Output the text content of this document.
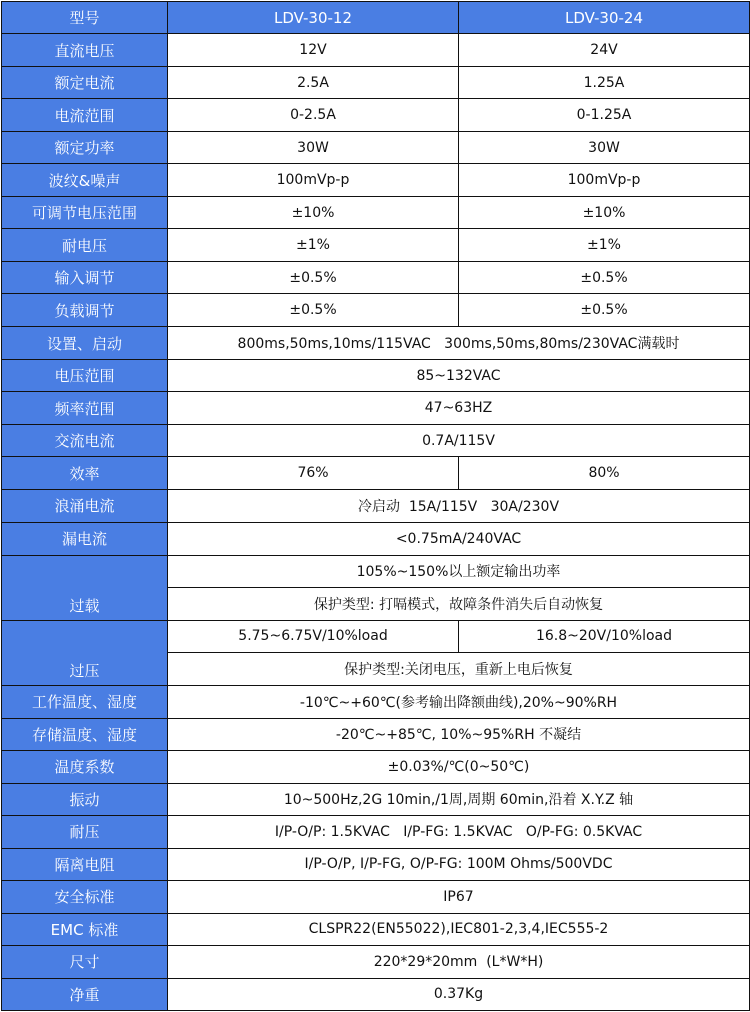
型号	LDV-30-12	LDV-30-24
直流电压	12V	24V
额定电流	2.5A	1.25A
电流范围	0-2.5A	0-1.25A
额定功率	30W	30W
波纹&噪声	100mVp-p	100mVp-p
可调节电压范围	±10%	±10%
耐电压	±1%	±1%
输入调节	±0.5%	±0.5%
负载调节	±0.5%	±0.5%
设置、启动	800ms,50ms,10ms/115VAC   300ms,50ms,80ms/230VAC满载时	
电压范围	85~132VAC	
频率范围	47~63HZ	
交流电流	0.7A/115V	
效率	76%	80%
浪涌电流	冷启动  15A/115V   30A/230V	
漏电流	<0.75mA/240VAC	
过载	105%~150%以上额定输出功率	
	保护类型: 打嗝模式，故障条件消失后自动恢复	
过压	5.75~6.75V/10%load	16.8~20V/10%load
	保护类型:关闭电压，重新上电后恢复	
工作温度、湿度	-10℃~+60℃(参考输出降额曲线),20%~90%RH	
存储温度、湿度	-20℃~+85℃, 10%~95%RH 不凝结	
温度系数	±0.03%/℃(0~50℃)	
振动	10~500Hz,2G 10min,/1周,周期 60min,沿着 X.Y.Z 轴	
耐压	I/P-O/P: 1.5KVAC   I/P-FG: 1.5KVAC   O/P-FG: 0.5KVAC	
隔离电阻	I/P-O/P, I/P-FG, O/P-FG: 100M Ohms/500VDC	
安全标准	IP67	
EMC 标准	CLSPR22(EN55022),IEC801-2,3,4,IEC555-2	
尺寸	220*29*20mm  (L*W*H)	
净重	0.37Kg	
